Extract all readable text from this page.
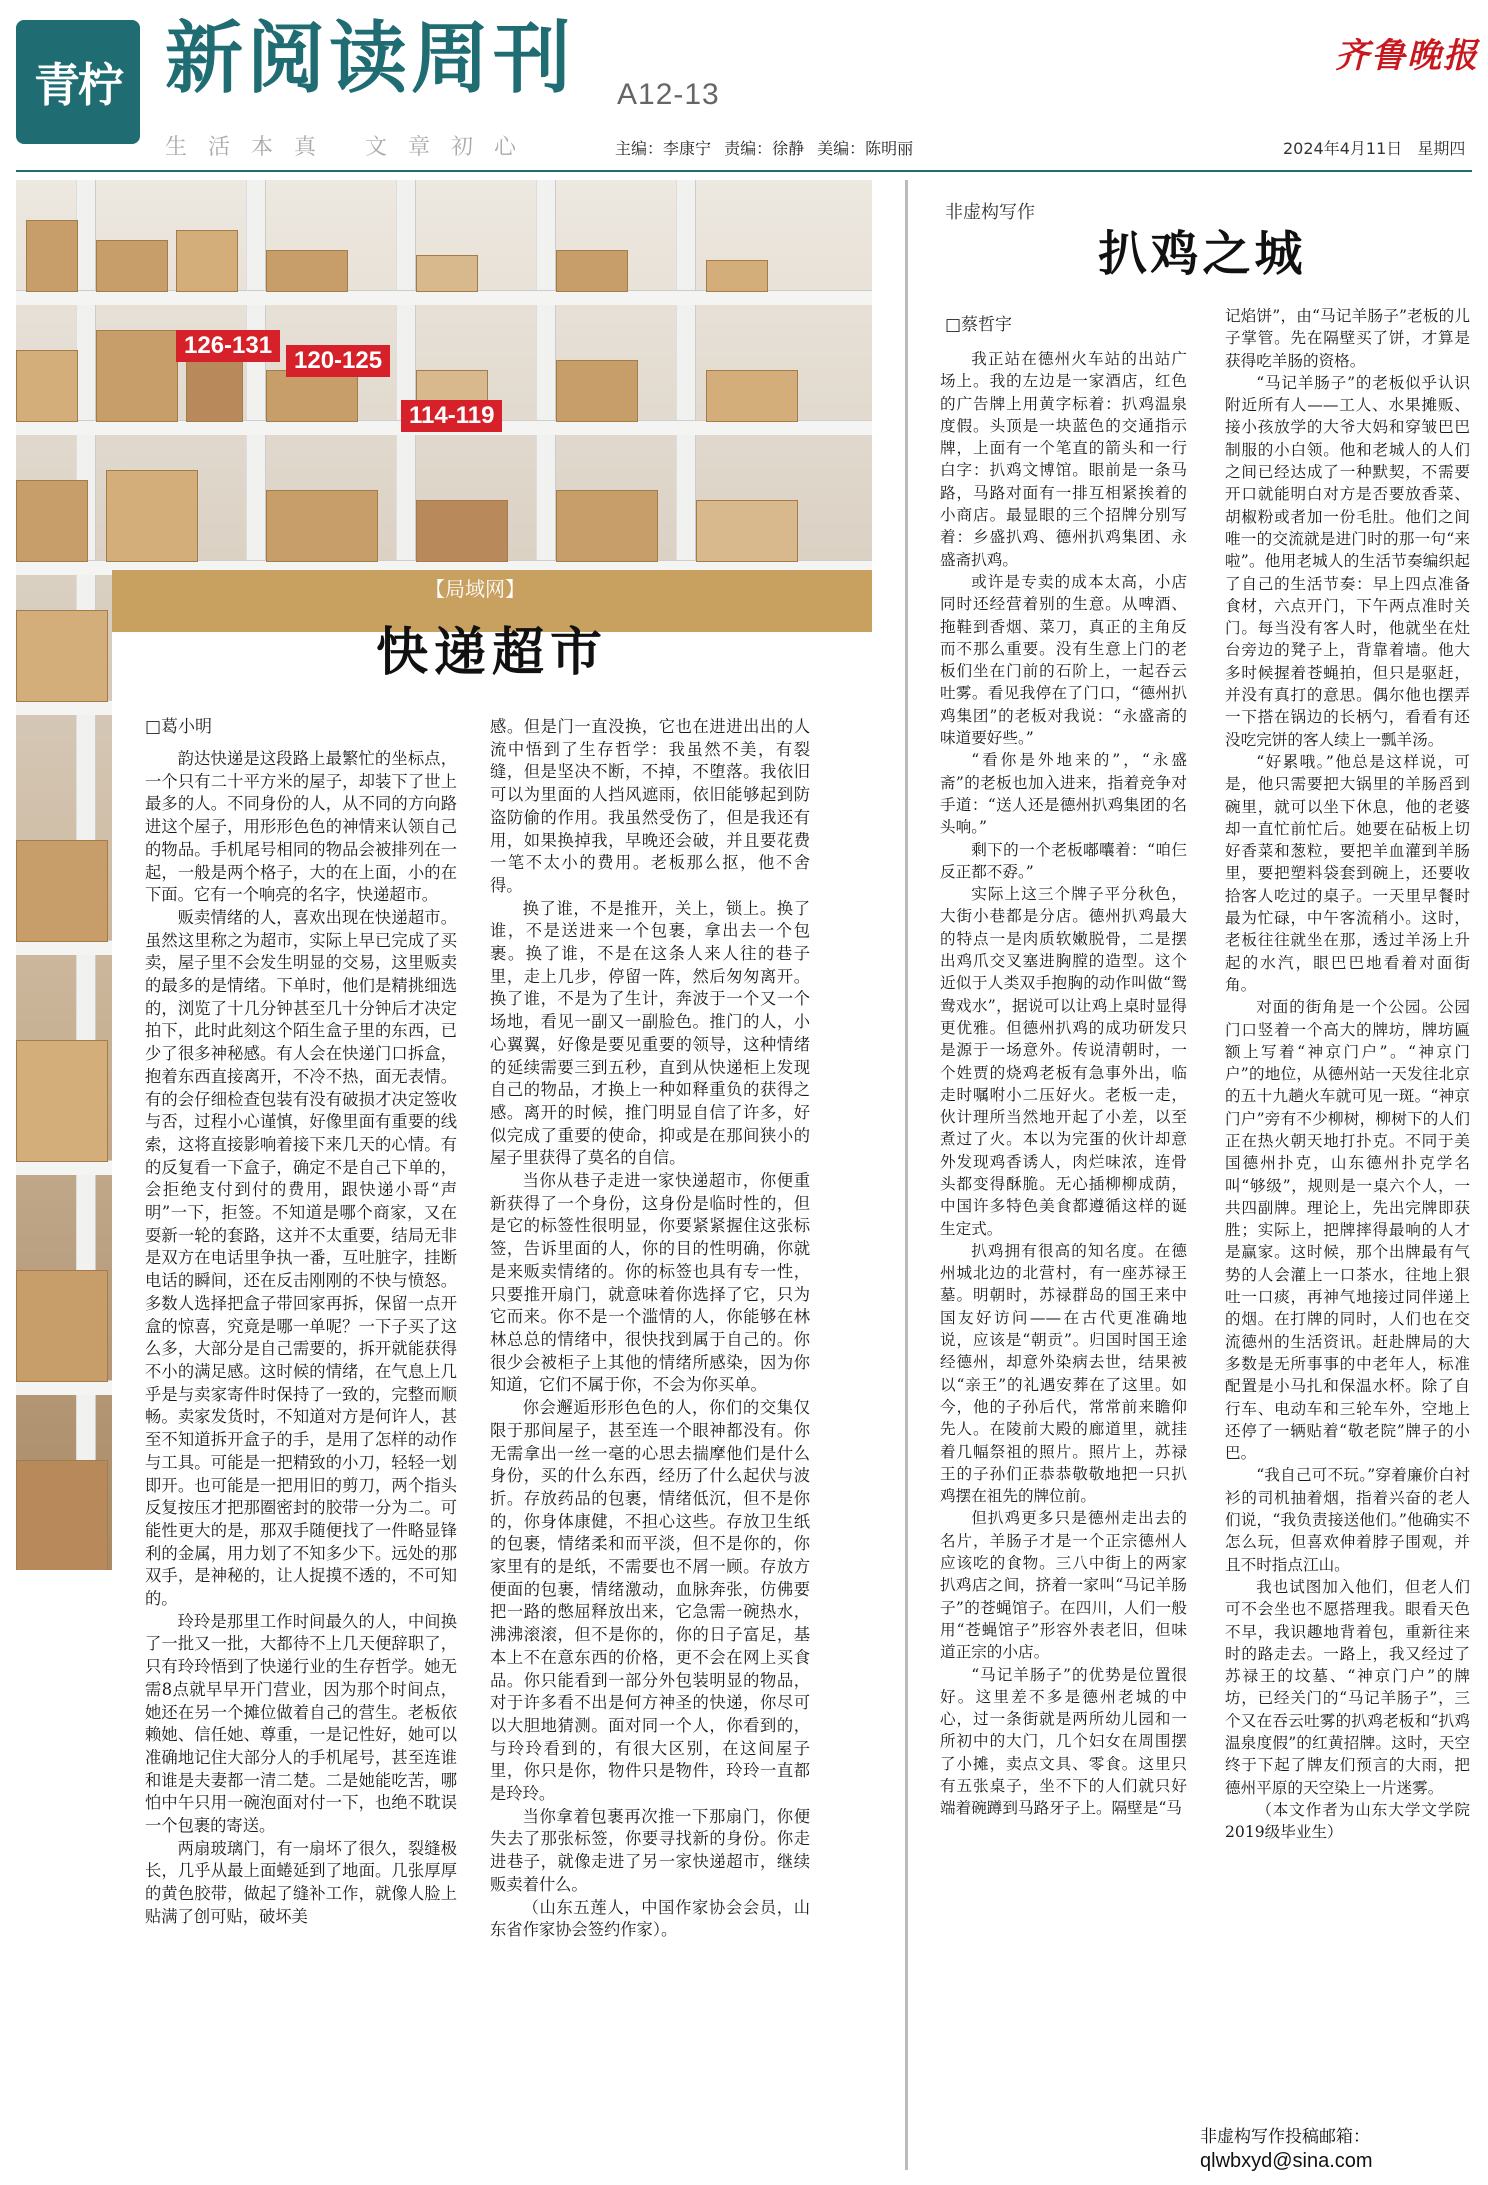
青柠 新阅读周刊 A12-13
生活本真 文章初心	主编：李康宁 责编：徐静 美编：陈明丽
齐鲁晚报
2024年4月11日 星期四
126-131
120-125
114-119
【局域网】
快递超市
□葛小明

韵达快递是这段路上最繁忙的坐标点，一个只有二十平方米的屋子，却装下了世上最多的人。不同身份的人，从不同的方向路进这个屋子，用形形色色的神情来认领自己的物品。手机尾号相同的物品会被排列在一起，一般是两个格子，大的在上面，小的在下面。它有一个响亮的名字，快递超市。

贩卖情绪的人，喜欢出现在快递超市。虽然这里称之为超市，实际上早已完成了买卖，屋子里不会发生明显的交易，这里贩卖的最多的是情绪。下单时，他们是精挑细选的，浏览了十几分钟甚至几十分钟后才决定拍下，此时此刻这个陌生盒子里的东西，已少了很多神秘感。有人会在快递门口拆盒，抱着东西直接离开，不冷不热，面无表情。有的会仔细检查包装有没有破损才决定签收与否，过程小心谨慎，好像里面有重要的线索，这将直接影响着接下来几天的心情。有的反复看一下盒子，确定不是自己下单的，会拒绝支付到付的费用，跟快递小哥“声明”一下，拒签。不知道是哪个商家，又在耍新一轮的套路，这并不太重要，结局无非是双方在电话里争执一番，互吐脏字，挂断电话的瞬间，还在反击刚刚的不快与愤怒。多数人选择把盒子带回家再拆，保留一点开盒的惊喜，究竟是哪一单呢？一下子买了这么多，大部分是自己需要的，拆开就能获得不小的满足感。这时候的情绪，在气息上几乎是与卖家寄件时保持了一致的，完整而顺畅。卖家发货时，不知道对方是何许人，甚至不知道拆开盒子的手，是用了怎样的动作与工具。可能是一把精致的小刀，轻轻一划即开。也可能是一把用旧的剪刀，两个指头反复按压才把那圈密封的胶带一分为二。可能性更大的是，那双手随便找了一件略显锋利的金属，用力划了不知多少下。远处的那双手，是神秘的，让人捉摸不透的，不可知的。

玲玲是那里工作时间最久的人，中间换了一批又一批，大都待不上几天便辞职了，只有玲玲悟到了快递行业的生存哲学。她无需8点就早早开门营业，因为那个时间点，她还在另一个摊位做着自己的营生。老板依赖她、信任她、尊重，一是记性好，她可以准确地记住大部分人的手机尾号，甚至连谁和谁是夫妻都一清二楚。二是她能吃苦，哪怕中午只用一碗泡面对付一下，也绝不耽误一个包裹的寄送。

两扇玻璃门，有一扇坏了很久，裂缝极长，几乎从最上面蜷延到了地面。几张厚厚的黄色胶带，做起了缝补工作，就像人脸上贴满了创可贴，破坏美

感。但是门一直没换，它也在进进出出的人流中悟到了生存哲学：我虽然不美，有裂缝，但是坚决不断，不掉，不堕落。我依旧可以为里面的人挡风遮雨，依旧能够起到防盗防偷的作用。我虽然受伤了，但是我还有用，如果换掉我，早晚还会破，并且要花费一笔不太小的费用。老板那么抠，他不舍得。

换了谁，不是推开，关上，锁上。换了谁，不是送进来一个包裹，拿出去一个包裹。换了谁，不是在这条人来人往的巷子里，走上几步，停留一阵，然后匆匆离开。换了谁，不是为了生计，奔波于一个又一个场地，看见一副又一副脸色。推门的人，小心翼翼，好像是要见重要的领导，这种情绪的延续需要三到五秒，直到从快递柜上发现自己的物品，才换上一种如释重负的获得之感。离开的时候，推门明显自信了许多，好似完成了重要的使命，抑或是在那间狭小的屋子里获得了莫名的自信。

当你从巷子走进一家快递超市，你便重新获得了一个身份，这身份是临时性的，但是它的标签性很明显，你要紧紧握住这张标签，告诉里面的人，你的目的性明确，你就是来贩卖情绪的。你的标签也具有专一性，只要推开扇门，就意味着你选择了它，只为它而来。你不是一个滥情的人，你能够在林林总总的情绪中，很快找到属于自己的。你很少会被柜子上其他的情绪所感染，因为你知道，它们不属于你，不会为你买单。

你会邂逅形形色色的人，你们的交集仅限于那间屋子，甚至连一个眼神都没有。你无需拿出一丝一毫的心思去揣摩他们是什么身份，买的什么东西，经历了什么起伏与波折。存放药品的包裹，情绪低沉，但不是你的，你身体康健，不担心这些。存放卫生纸的包裹，情绪柔和而平淡，但不是你的，你家里有的是纸，不需要也不屑一顾。存放方便面的包裹，情绪激动，血脉奔张，仿佛要把一路的憋屈释放出来，它急需一碗热水，沸沸滚滚，但不是你的，你的日子富足，基本上不在意东西的价格，更不会在网上买食品。你只能看到一部分外包装明显的物品，对于许多看不出是何方神圣的快递，你尽可以大胆地猜测。面对同一个人，你看到的，与玲玲看到的，有很大区别，在这间屋子里，你只是你，物件只是物件，玲玲一直都是玲玲。

当你拿着包裹再次推一下那扇门，你便失去了那张标签，你要寻找新的身份。你走进巷子，就像走进了另一家快递超市，继续贩卖着什么。

（山东五莲人，中国作家协会会员，山东省作家协会签约作家）。

非虚构写作
扒鸡之城
□蔡哲宇

我正站在德州火车站的出站广场上。我的左边是一家酒店，红色的广告牌上用黄字标着：扒鸡温泉度假。头顶是一块蓝色的交通指示牌，上面有一个笔直的箭头和一行白字：扒鸡文博馆。眼前是一条马路，马路对面有一排互相紧挨着的小商店。最显眼的三个招牌分别写着：乡盛扒鸡、德州扒鸡集团、永盛斋扒鸡。

或许是专卖的成本太高，小店同时还经营着别的生意。从啤酒、拖鞋到香烟、菜刀，真正的主角反而不那么重要。没有生意上门的老板们坐在门前的石阶上，一起吞云吐雾。看见我停在了门口，“德州扒鸡集团”的老板对我说：“永盛斋的味道要好些。”

“看你是外地来的”，“永盛斋”的老板也加入进来，指着竞争对手道：“送人还是德州扒鸡集团的名头响。”

剩下的一个老板嘟囔着：“咱仨反正都不孬。”

实际上这三个牌子平分秋色，大街小巷都是分店。德州扒鸡最大的特点一是肉质软嫩脱骨，二是摆出鸡爪交叉塞进胸膛的造型。这个近似于人类双手抱胸的动作叫做“鸳鸯戏水”，据说可以让鸡上桌时显得更优雅。但德州扒鸡的成功研发只是源于一场意外。传说清朝时，一个姓贾的烧鸡老板有急事外出，临走时嘱咐小二压好火。老板一走，伙计理所当然地开起了小差，以至煮过了火。本以为完蛋的伙计却意外发现鸡香诱人，肉烂味浓，连骨头都变得酥脆。无心插柳柳成荫，中国许多特色美食都遵循这样的诞生定式。

扒鸡拥有很高的知名度。在德州城北边的北营村，有一座苏禄王墓。明朝时，苏禄群岛的国王来中国友好访问——在古代更准确地说，应该是“朝贡”。归国时国王途经德州，却意外染病去世，结果被以“亲王”的礼遇安葬在了这里。如今，他的子孙后代，常常前来瞻仰先人。在陵前大殿的廊道里，就挂着几幅祭祖的照片。照片上，苏禄王的子孙们正恭恭敬敬地把一只扒鸡摆在祖先的牌位前。

但扒鸡更多只是德州走出去的名片，羊肠子才是一个正宗德州人应该吃的食物。三八中街上的两家扒鸡店之间，挤着一家叫“马记羊肠子”的苍蝇馆子。在四川，人们一般用“苍蝇馆子”形容外表老旧，但味道正宗的小店。

“马记羊肠子”的优势是位置很好。这里差不多是德州老城的中心，过一条街就是两所幼儿园和一所初中的大门，几个妇女在周围摆了小摊，卖点文具、零食。这里只有五张桌子，坐不下的人们就只好端着碗蹲到马路牙子上。隔壁是“马

记焰饼”，由“马记羊肠子”老板的儿子掌管。先在隔壁买了饼，才算是获得吃羊肠的资格。

“马记羊肠子”的老板似乎认识附近所有人——工人、水果摊贩、接小孩放学的大爷大妈和穿皱巴巴制服的小白领。他和老城人的人们之间已经达成了一种默契，不需要开口就能明白对方是否要放香菜、胡椒粉或者加一份毛肚。他们之间唯一的交流就是进门时的那一句“来啦”。他用老城人的生活节奏编织起了自己的生活节奏：早上四点准备食材，六点开门，下午两点准时关门。每当没有客人时，他就坐在灶台旁边的凳子上，背靠着墙。他大多时候握着苍蝇拍，但只是驱赶，并没有真打的意思。偶尔他也摆弄一下搭在锅边的长柄勺，看看有还没吃完饼的客人续上一瓢羊汤。

“好累哦。”他总是这样说，可是，他只需要把大锅里的羊肠舀到碗里，就可以坐下休息，他的老婆却一直忙前忙后。她要在砧板上切好香菜和葱粒，要把羊血灌到羊肠里，要把塑料袋套到碗上，还要收拾客人吃过的桌子。一天里早餐时最为忙碌，中午客流稍小。这时，老板往往就坐在那，透过羊汤上升起的水汽，眼巴巴地看着对面街角。

对面的街角是一个公园。公园门口竖着一个高大的牌坊，牌坊匾额上写着“神京门户”。“神京门户”的地位，从德州站一天发往北京的五十九趟火车就可见一斑。“神京门户”旁有不少柳树，柳树下的人们正在热火朝天地打扑克。不同于美国德州扑克，山东德州扑克学名叫“够级”，规则是一桌六个人，一共四副牌。理论上，先出完牌即获胜；实际上，把牌摔得最响的人才是赢家。这时候，那个出牌最有气势的人会灌上一口茶水，往地上狠吐一口痰，再神气地接过同伴递上的烟。在打牌的同时，人们也在交流德州的生活资讯。赶赴牌局的大多数是无所事事的中老年人，标准配置是小马扎和保温水杯。除了自行车、电动车和三轮车外，空地上还停了一辆贴着“敬老院”牌子的小巴。

“我自己可不玩。”穿着廉价白衬衫的司机抽着烟，指着兴奋的老人们说，“我负责接送他们。”他确实不怎么玩，但喜欢伸着脖子围观，并且不时指点江山。

我也试图加入他们，但老人们可不会坐也不愿搭理我。眼看天色不早，我识趣地背着包，重新往来时的路走去。一路上，我又经过了苏禄王的坟墓、“神京门户”的牌坊，已经关门的“马记羊肠子”，三个又在吞云吐雾的扒鸡老板和“扒鸡温泉度假”的红黄招牌。这时，天空终于下起了牌友们预言的大雨，把德州平原的天空染上一片迷雾。

（本文作者为山东大学文学院2019级毕业生）

非虚构写作投稿邮箱：
qlwbxyd@sina.com
